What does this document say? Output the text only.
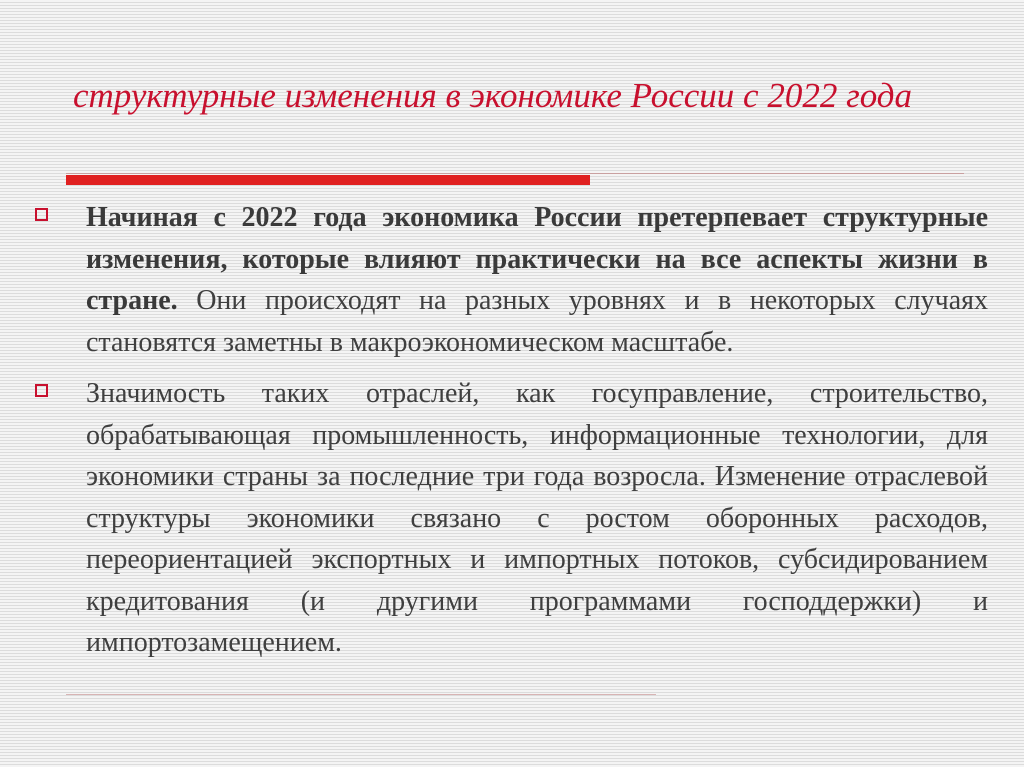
структурные изменения в экономике России с 2022 года
Начиная с 2022 года экономика России претерпевает структурные изменения, которые влияют практически на все аспекты жизни в стране. Они происходят на разных уровнях и в некоторых случаях становятся заметны в макроэкономическом масштабе.
Значимость таких отраслей, как госуправление, строительство, обрабатывающая промышленность, информационные технологии, для экономики страны за последние три года возросла. Изменение отраслевой структуры экономики связано с ростом оборонных расходов, переориентацией экспортных и импортных потоков, субсидированием кредитования (и другими программами господдержки) и импортозамещением.
